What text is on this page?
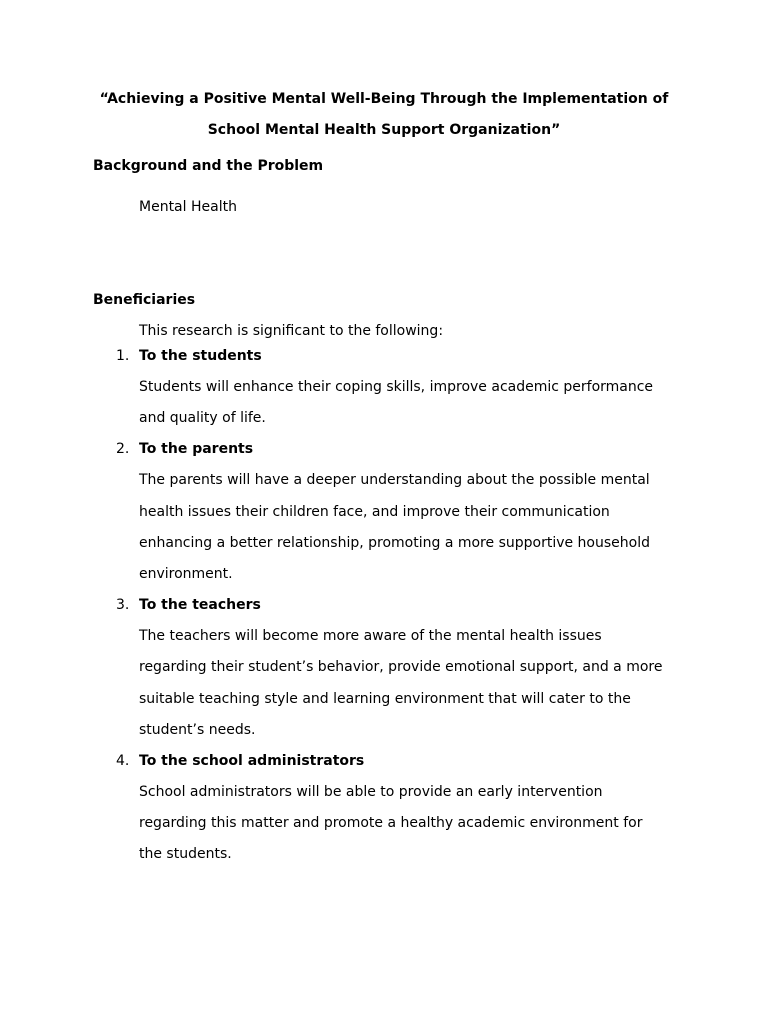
“Achieving a Positive Mental Well-Being Through the Implementation of
School Mental Health Support Organization”
Background and the Problem
Mental Health
Beneficiaries
This research is significant to the following:
1. To the students
Students will enhance their coping skills, improve academic performance
and quality of life.
2. To the parents
The parents will have a deeper understanding about the possible mental
health issues their children face, and improve their communication
enhancing a better relationship, promoting a more supportive household
environment.
3. To the teachers
The teachers will become more aware of the mental health issues
regarding their student’s behavior, provide emotional support, and a more
suitable teaching style and learning environment that will cater to the
student’s needs.
4. To the school administrators
School administrators will be able to provide an early intervention
regarding this matter and promote a healthy academic environment for
the students.
